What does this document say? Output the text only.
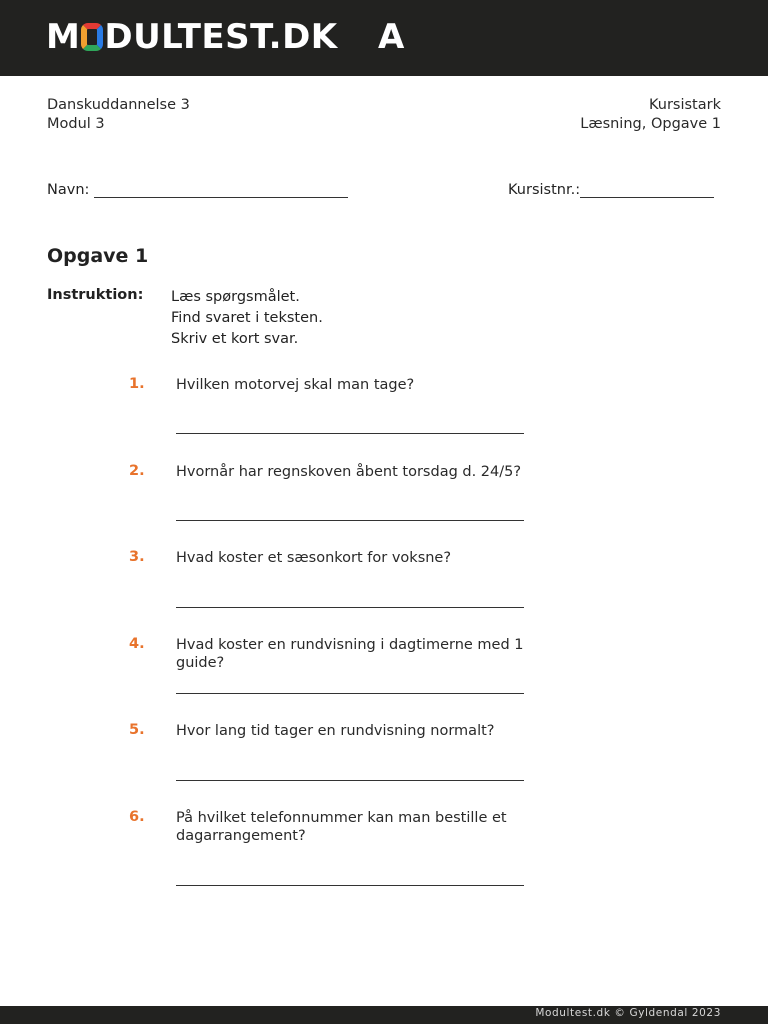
M DULTEST.DK A
Danskuddannelse 3
Modul 3
Kursistark
Læsning, Opgave 1
Navn:	Kursistnr.:
Opgave 1
Instruktion: Læs spørgsmålet.
Find svaret i teksten.
Skriv et kort svar.
1. Hvilken motorvej skal man tage?
2. Hvornår har regnskoven åbent torsdag d. 24/5?
3. Hvad koster et sæsonkort for voksne?
4. Hvad koster en rundvisning i dagtimerne med 1 guide?
5. Hvor lang tid tager en rundvisning normalt?
6. På hvilket telefonnummer kan man bestille et dagarrangement?
Modultest.dk © Gyldendal 2023
